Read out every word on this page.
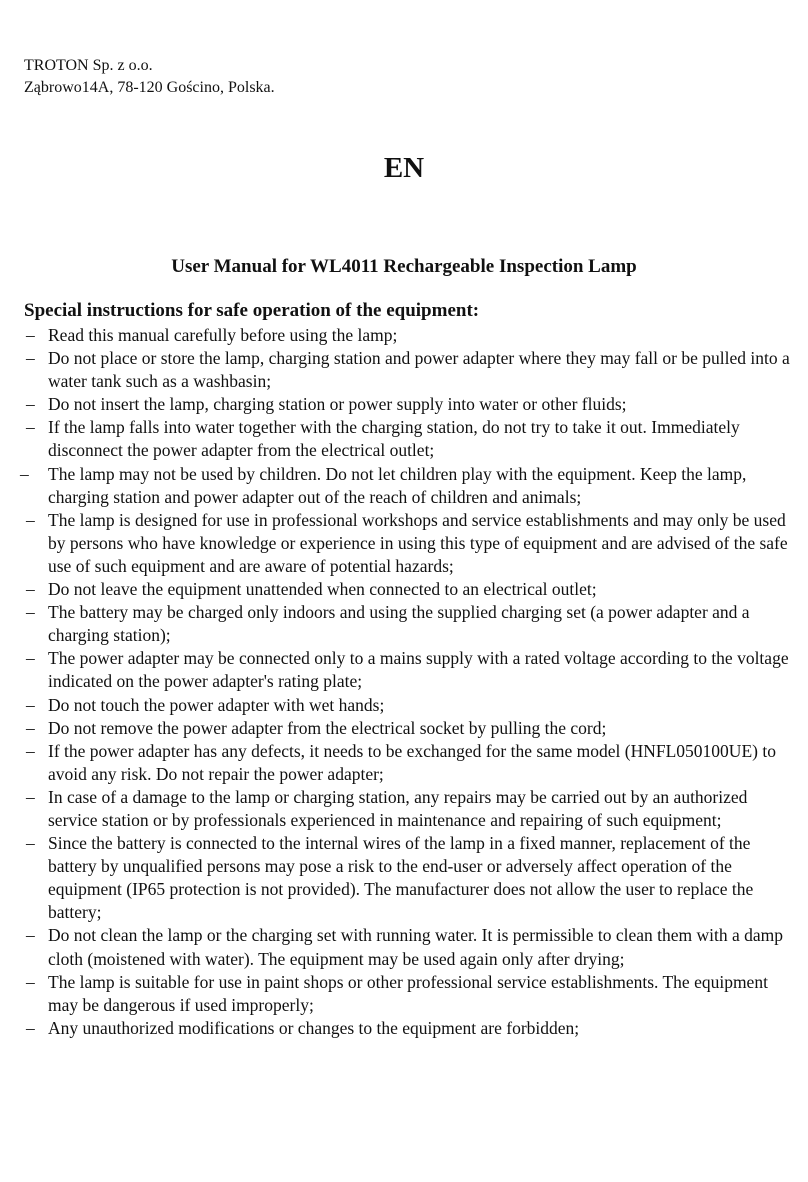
TROTON Sp. z o.o.
Ząbrowo14A, 78-120 Gościno, Polska.
EN
User Manual for WL4011 Rechargeable Inspection Lamp
Special instructions for safe operation of the equipment:
– Read this manual carefully before using the lamp;
– Do not place or store the lamp, charging station and power adapter where they may fall or be pulled into a water tank such as a washbasin;
– Do not insert the lamp, charging station or power supply into water or other fluids;
– If the lamp falls into water together with the charging station, do not try to take it out. Immediately disconnect the power adapter from the electrical outlet;
– The lamp may not be used by children. Do not let children play with the equipment. Keep the lamp, charging station and power adapter out of the reach of children and animals;
– The lamp is designed for use in professional workshops and service establishments and may only be used by persons who have knowledge or experience in using this type of equipment and are advised of the safe use of such equipment and are aware of potential hazards;
– Do not leave the equipment unattended when connected to an electrical outlet;
– The battery may be charged only indoors and using the supplied charging set (a power adapter and a charging station);
– The power adapter may be connected only to a mains supply with a rated voltage according to the voltage indicated on the power adapter's rating plate;
– Do not touch the power adapter with wet hands;
– Do not remove the power adapter from the electrical socket by pulling the cord;
– If the power adapter has any defects, it needs to be exchanged for the same model (HNFL050100UE) to avoid any risk. Do not repair the power adapter;
– In case of a damage to the lamp or charging station, any repairs may be carried out by an authorized service station or by professionals experienced in maintenance and repairing of such equipment;
– Since the battery is connected to the internal wires of the lamp in a fixed manner, replacement of the battery by unqualified persons may pose a risk to the end-user or adversely affect operation of the equipment (IP65 protection is not provided). The manufacturer does not allow the user to replace the battery;
– Do not clean the lamp or the charging set with running water. It is permissible to clean them with a damp cloth (moistened with water). The equipment may be used again only after drying;
– The lamp is suitable for use in paint shops or other professional service establishments. The equipment may be dangerous if used improperly;
– Any unauthorized modifications or changes to the equipment are forbidden;
